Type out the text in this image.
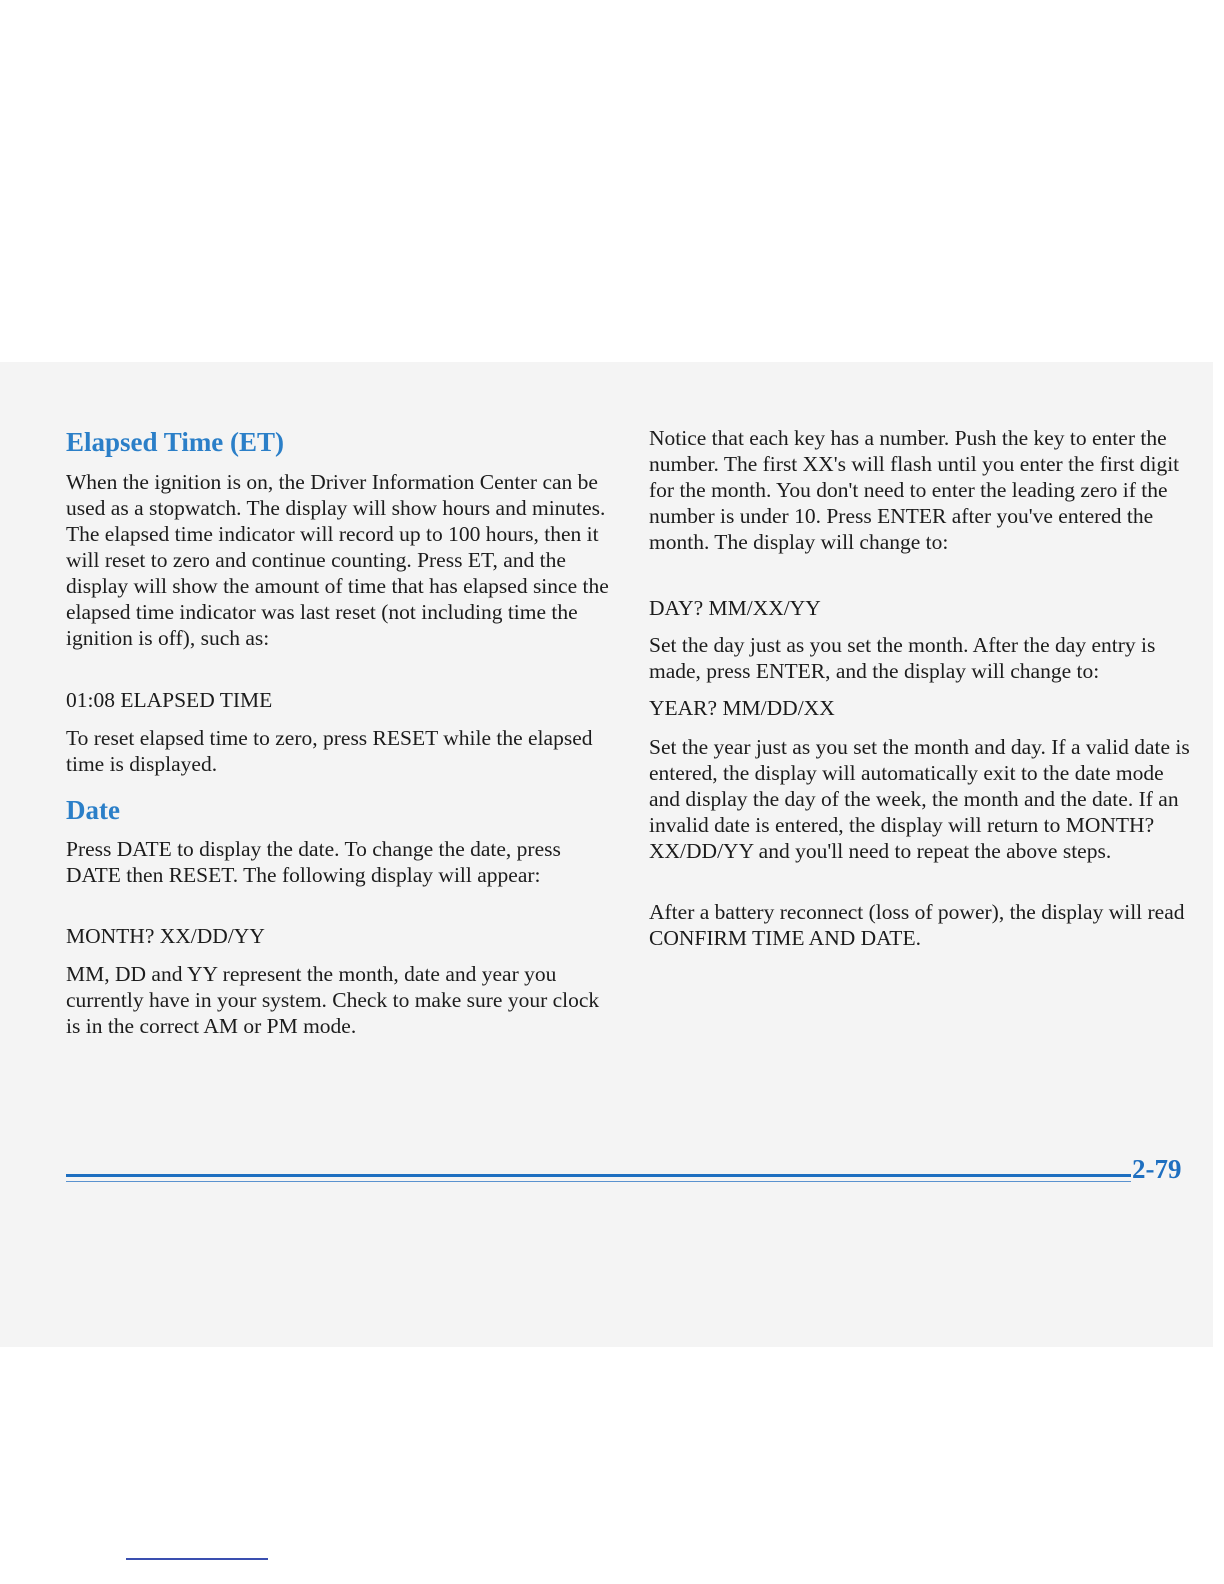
Elapsed Time (ET)

When the ignition is on, the Driver Information Center can be used as a stopwatch. The display will show hours and minutes. The elapsed time indicator will record up to 100 hours, then it will reset to zero and continue counting. Press ET, and the display will show the amount of time that has elapsed since the elapsed time indicator was last reset (not including time the ignition is off), such as:

01:08 ELAPSED TIME

To reset elapsed time to zero, press RESET while the elapsed time is displayed.

Date

Press DATE to display the date. To change the date, press DATE then RESET. The following display will appear:

MONTH? XX/DD/YY

MM, DD and YY represent the month, date and year you currently have in your system. Check to make sure your clock is in the correct AM or PM mode.

Notice that each key has a number. Push the key to enter the number. The first XX's will flash until you enter the first digit for the month. You don't need to enter the leading zero if the number is under 10. Press ENTER after you've entered the month. The display will change to:

DAY? MM/XX/YY

Set the day just as you set the month. After the day entry is made, press ENTER, and the display will change to:

YEAR? MM/DD/XX

Set the year just as you set the month and day. If a valid date is entered, the display will automatically exit to the date mode and display the day of the week, the month and the date. If an invalid date is entered, the display will return to MONTH? XX/DD/YY and you'll need to repeat the above steps.

After a battery reconnect (loss of power), the display will read CONFIRM TIME AND DATE.

2-79
